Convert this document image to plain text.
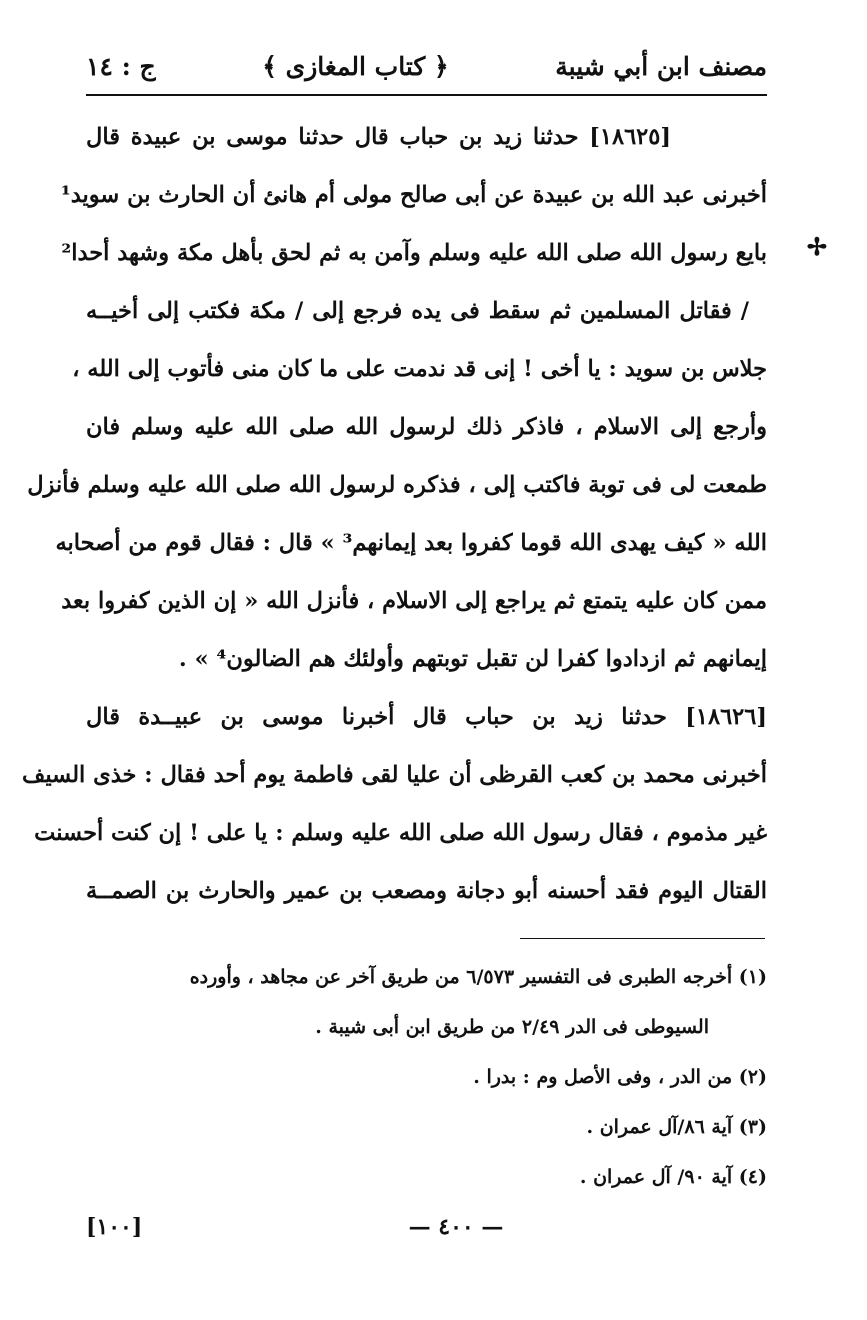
مصنف ابن أبي شيبة
﴿ كتاب المغازى ﴾
ج : ١٤
✢
[١٨٦٢٥] حدثنا زيد بن حباب قال حدثنا موسى بن عبيدة قال
أخبرنى عبد الله بن عبيدة عن أبى صالح مولى أم هانئ أن الحارث بن سويد¹
بايع رسول الله صلى الله عليه وسلم وآمن به ثم لحق بأهل مكة وشهد أحدا²
/ فقاتل المسلمين ثم سقط فى يده فرجع إلى / مكة فكتب إلى أخيــه
جلاس بن سويد : يا أخى ! إنى قد ندمت على ما كان منى فأتوب إلى الله ،
وأرجع إلى الاسلام ، فاذكر ذلك لرسول الله صلى الله عليه وسلم فان
طمعت لى فى توبة فاكتب إلى ، فذكره لرسول الله صلى الله عليه وسلم فأنزل
الله « كيف يهدى الله قوما كفروا بعد إيمانهم³ » قال : فقال قوم من أصحابه
ممن كان عليه يتمتع ثم يراجع إلى الاسلام ، فأنزل الله « إن الذين كفروا بعد
إيمانهم ثم ازدادوا كفرا لن تقبل توبتهم وأولئك هم الضالون⁴ » .
[١٨٦٢٦] حدثنا زيد بن حباب قال أخبرنا موسى بن عبيــدة قال
أخبرنى محمد بن كعب القرظى أن عليا لقى فاطمة يوم أحد فقال : خذى السيف
غير مذموم ، فقال رسول الله صلى الله عليه وسلم : يا على ! إن كنت أحسنت
القتال اليوم فقد أحسنه أبو دجانة ومصعب بن عمير والحارث بن الصمــة
(١) أخرجه الطبرى فى التفسير ٦/٥٧٣ من طريق آخر عن مجاهد ، وأورده
السيوطى فى الدر ٢/٤٩ من طريق ابن أبى شيبة .
(٢) من الدر ، وفى الأصل وم : بدرا .
(٣) آية ٨٦/آل عمران .
(٤) آية ٩٠/ آل عمران .
— ٤٠٠ —
[١٠٠]
